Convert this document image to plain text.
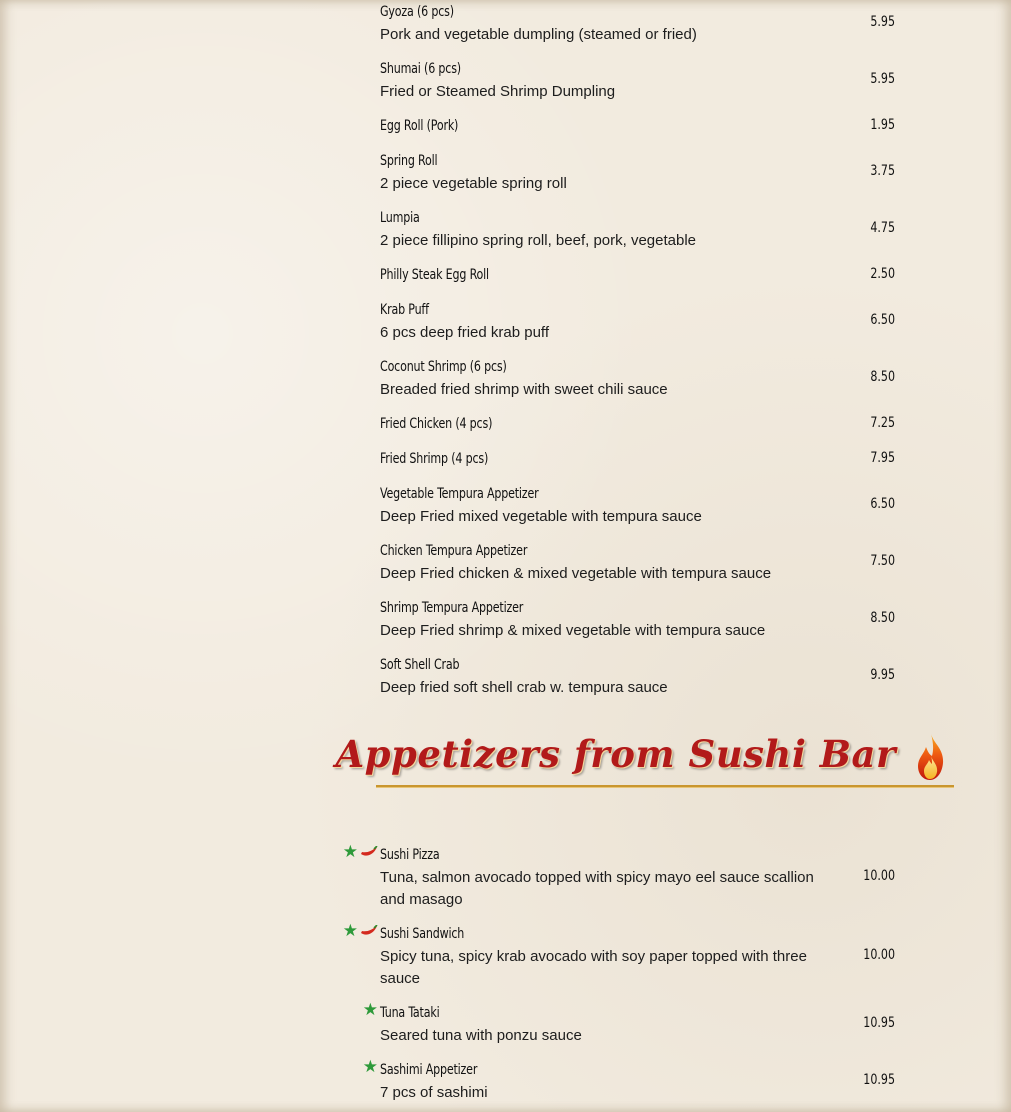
Gyoza (6 pcs)
Pork and vegetable dumpling (steamed or fried)
5.95
Shumai (6 pcs)
Fried or Steamed Shrimp Dumpling
5.95
Egg Roll (Pork)	1.95
Spring Roll
2 piece vegetable spring roll
3.75
Lumpia
2 piece fillipino spring roll, beef, pork, vegetable
4.75
Philly Steak Egg Roll	2.50
Krab Puff
6 pcs deep fried krab puff
6.50
Coconut Shrimp (6 pcs)
Breaded fried shrimp with sweet chili sauce
8.50
Fried Chicken (4 pcs)	7.25
Fried Shrimp (4 pcs)	7.95
Vegetable Tempura Appetizer
Deep Fried mixed vegetable with tempura sauce
6.50
Chicken Tempura Appetizer
Deep Fried chicken & mixed vegetable with tempura sauce
7.50
Shrimp Tempura Appetizer
Deep Fried shrimp & mixed vegetable with tempura sauce
8.50
Soft Shell Crab
Deep fried soft shell crab w. tempura sauce
9.95
Appetizers from Sushi Bar
★ Sushi Pizza
Tuna, salmon avocado topped with spicy mayo eel sauce scallion and masago
10.00
★ Sushi Sandwich
Spicy tuna, spicy krab avocado with soy paper topped with three sauce
10.00
★ Tuna Tataki
Seared tuna with ponzu sauce
10.95
★ Sashimi Appetizer
7 pcs of sashimi
10.95
